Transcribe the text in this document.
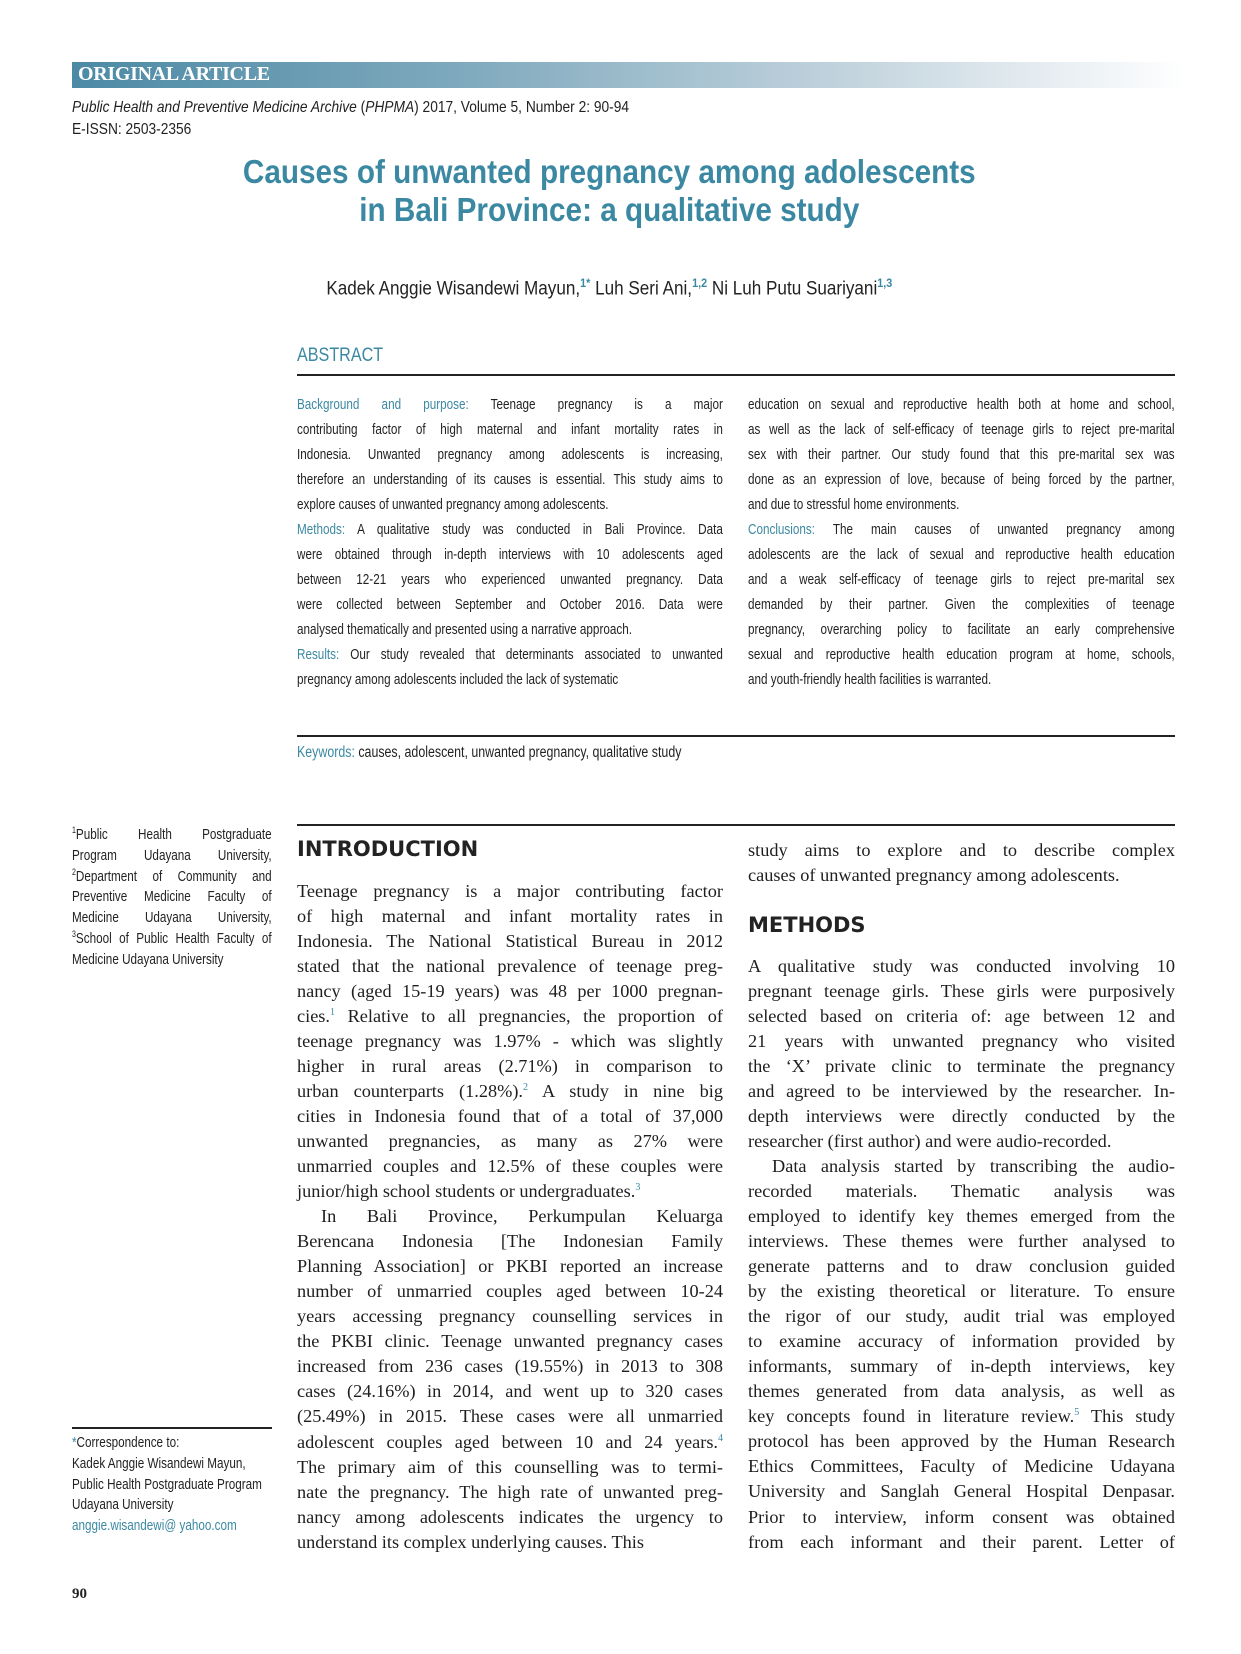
ORIGINAL ARTICLE
Public Health and Preventive Medicine Archive (PHPMA) 2017, Volume 5, Number 2: 90-94
E-ISSN: 2503-2356
Causes of unwanted pregnancy among adolescents
in Bali Province: a qualitative study
Kadek Anggie Wisandewi Mayun,$^{1*}$ Luh Seri Ani,$^{1,2}$ Ni Luh Putu Suariyani$^{1,3}$
ABSTRACT
Background and purpose: Teenage pregnancy is a major
contributing factor of high maternal and infant mortality rates in
Indonesia. Unwanted pregnancy among adolescents is increasing,
therefore an understanding of its causes is essential. This study aims to
explore causes of unwanted pregnancy among adolescents.
Methods: A qualitative study was conducted in Bali Province. Data
were obtained through in-depth interviews with 10 adolescents aged
between 12-21 years who experienced unwanted pregnancy. Data
were collected between September and October 2016. Data were
analysed thematically and presented using a narrative approach.
Results: Our study revealed that determinants associated to unwanted
pregnancy among adolescents included the lack of systematic
education on sexual and reproductive health both at home and school,
as well as the lack of self-efficacy of teenage girls to reject pre-marital
sex with their partner. Our study found that this pre-marital sex was
done as an expression of love, because of being forced by the partner,
and due to stressful home environments.
Conclusions: The main causes of unwanted pregnancy among
adolescents are the lack of sexual and reproductive health education
and a weak self-efficacy of teenage girls to reject pre-marital sex
demanded by their partner. Given the complexities of teenage
pregnancy, overarching policy to facilitate an early comprehensive
sexual and reproductive health education program at home, schools,
and youth-friendly health facilities is warranted.
Keywords: causes, adolescent, unwanted pregnancy, qualitative study
$^1$Public Health Postgraduate
Program Udayana University,
$^2$Department of Community and
Preventive Medicine Faculty of
Medicine Udayana University,
$^3$School of Public Health Faculty of
Medicine Udayana University
*Correspondence to:
Kadek Anggie Wisandewi Mayun,
Public Health Postgraduate Program
Udayana University
anggie.wisandewi@ yahoo.com
INTRODUCTION
Teenage pregnancy is a major contributing factor
of high maternal and infant mortality rates in
Indonesia. The National Statistical Bureau in 2012
stated that the national prevalence of teenage preg-
nancy (aged 15-19 years) was 48 per 1000 pregnan-
cies.$^1$ Relative to all pregnancies, the proportion of
teenage pregnancy was 1.97% - which was slightly
higher in rural areas (2.71%) in comparison to
urban counterparts (1.28%).$^2$ A study in nine big
cities in Indonesia found that of a total of 37,000
unwanted pregnancies, as many as 27% were
unmarried couples and 12.5% of these couples were
junior/high school students or undergraduates.$^3$
In Bali Province, Perkumpulan Keluarga
Berencana Indonesia [The Indonesian Family
Planning Association] or PKBI reported an increase
number of unmarried couples aged between 10-24
years accessing pregnancy counselling services in
the PKBI clinic. Teenage unwanted pregnancy cases
increased from 236 cases (19.55%) in 2013 to 308
cases (24.16%) in 2014, and went up to 320 cases
(25.49%) in 2015. These cases were all unmarried
adolescent couples aged between 10 and 24 years.$^4$
The primary aim of this counselling was to termi-
nate the pregnancy. The high rate of unwanted preg-
nancy among adolescents indicates the urgency to
understand its complex underlying causes. This
study aims to explore and to describe complex
causes of unwanted pregnancy among adolescents.
METHODS
A qualitative study was conducted involving 10
pregnant teenage girls. These girls were purposively
selected based on criteria of: age between 12 and
21 years with unwanted pregnancy who visited
the ‘X’ private clinic to terminate the pregnancy
and agreed to be interviewed by the researcher. In-
depth interviews were directly conducted by the
researcher (first author) and were audio-recorded.
Data analysis started by transcribing the audio-
recorded materials. Thematic analysis was
employed to identify key themes emerged from the
interviews. These themes were further analysed to
generate patterns and to draw conclusion guided
by the existing theoretical or literature. To ensure
the rigor of our study, audit trial was employed
to examine accuracy of information provided by
informants, summary of in-depth interviews, key
themes generated from data analysis, as well as
key concepts found in literature review.$^5$ This study
protocol has been approved by the Human Research
Ethics Committees, Faculty of Medicine Udayana
University and Sanglah General Hospital Denpasar.
Prior to interview, inform consent was obtained
from each informant and their parent. Letter of
90
